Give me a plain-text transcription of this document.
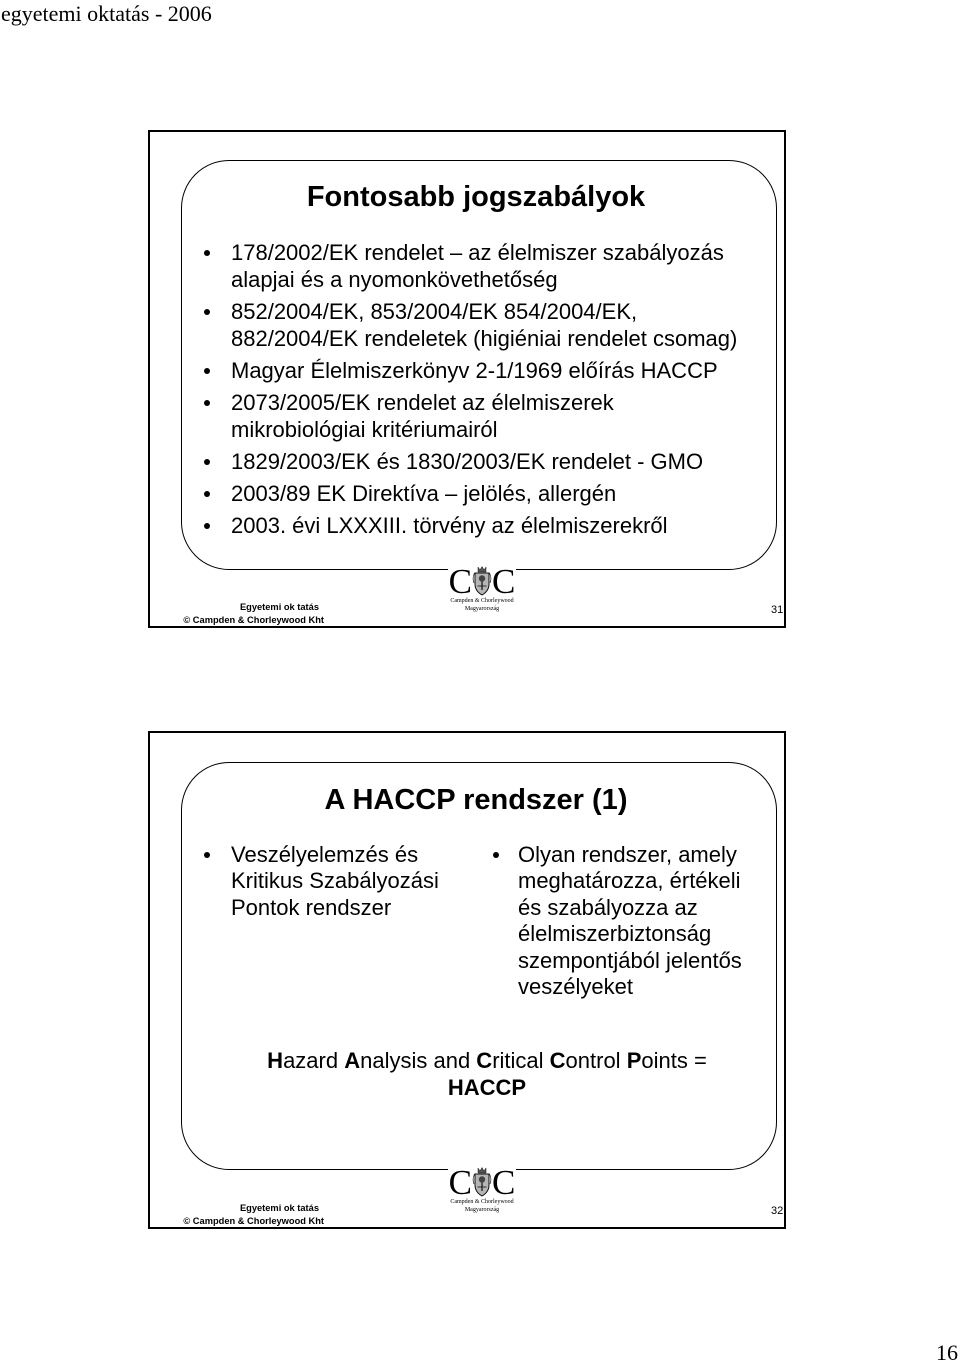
egyetemi oktatás - 2006
Fontosabb jogszabályok
178/2002/EK rendelet – az élelmiszer szabályozás
alapjai és a nyomonkövethetőség
852/2004/EK, 853/2004/EK 854/2004/EK,
882/2004/EK rendeletek (higiéniai rendelet csomag)
Magyar Élelmiszerkönyv 2-1/1969 előírás HACCP
2073/2005/EK rendelet az élelmiszerek
mikrobiológiai kritériumairól
1829/2003/EK és 1830/2003/EK rendelet - GMO
2003/89 EK Direktíva – jelölés, allergén
2003. évi LXXXIII. törvény az élelmiszerekről
Egyetemi ok tatás
© Campden & Chorleywood Kht
C C
Campden & Chorleywood
Magyarország	31
A HACCP rendszer (1)
Veszélyelemzés és
Kritikus Szabályozási
Pontok rendszer
Olyan rendszer, amely
meghatározza, értékeli
és szabályozza az
élelmiszerbiztonság
szempontjából jelentős
veszélyeket
Hazard Analysis and Critical Control Points =
HACCP
Egyetemi ok tatás
© Campden & Chorleywood Kht
C C
Campden & Chorleywood
Magyarország	32
16
